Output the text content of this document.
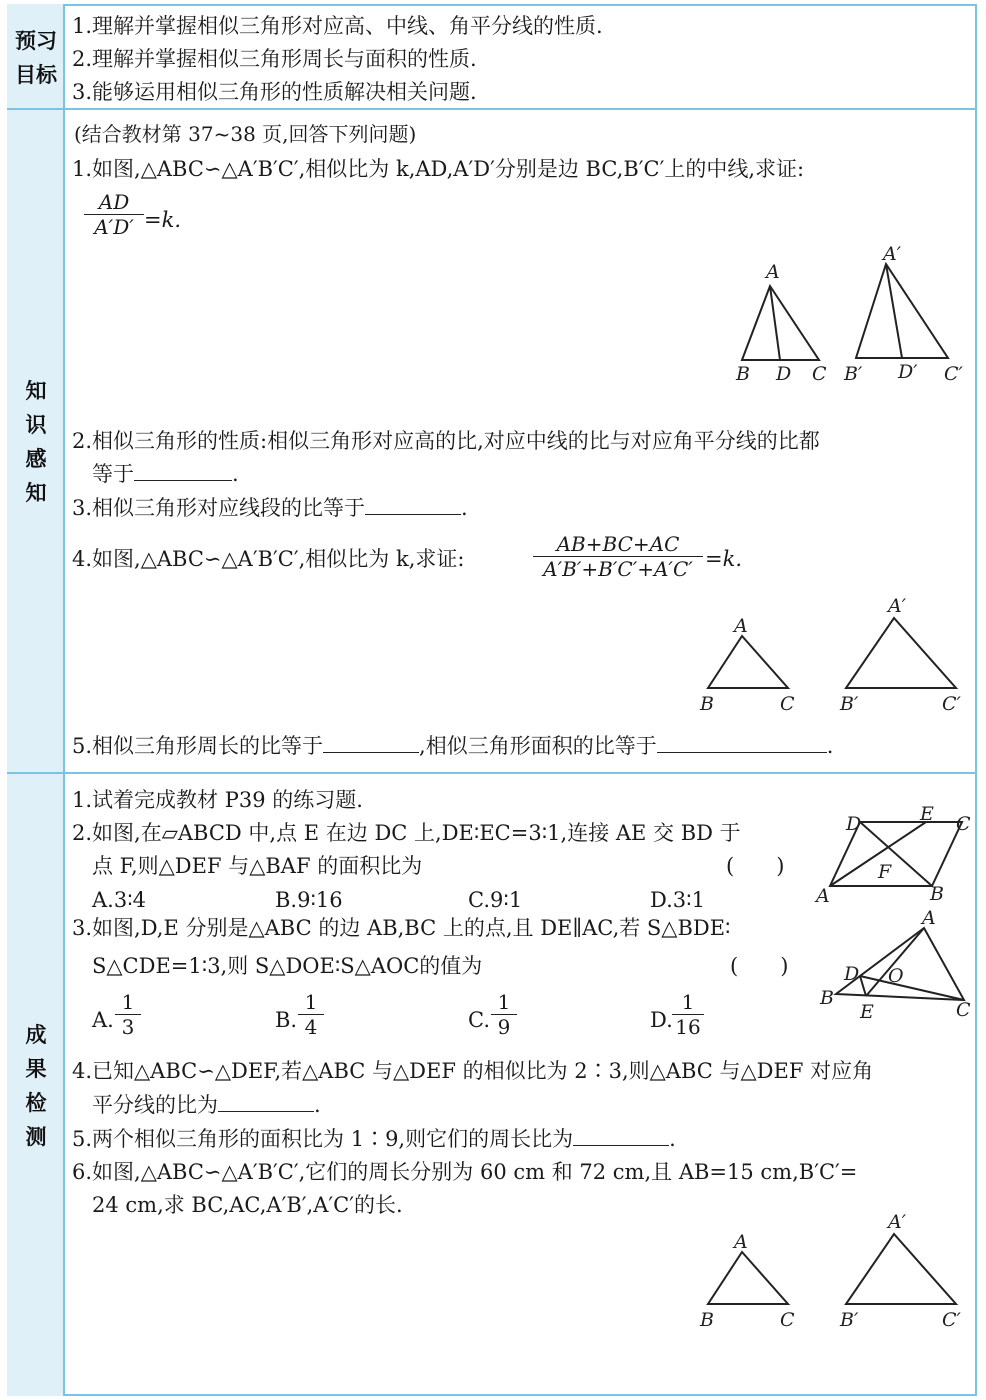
预习
目标
知
识
感
知
成
果
检
测
1.理解并掌握相似三角形对应高、中线、角平分线的性质.
2.理解并掌握相似三角形周长与面积的性质.
3.能够运用相似三角形的性质解决相关问题.
(结合教材第 37~38 页,回答下列问题)
1.如图,△ABC∽△A′B′C′,相似比为 k,AD,A′D′分别是边 BC,B′C′上的中线,求证:
$\frac{AD}{A'D'} =k$.
A
B D C
A′
B′ D′ C′
2.相似三角形的性质:相似三角形对应高的比,对应中线的比与对应角平分线的比都
等于	.
3.相似三角形对应线段的比等于	.
4.如图,△ABC∽△A′B′C′,相似比为 k,求证:	$\frac{AB+BC+AC}{A'B'+B'C'+A'C'} =k$.
A
B	C
A′
B′	C′
5.相似三角形周长的比等于	,相似三角形面积的比等于	.
1.试着完成教材 P39 的练习题.
2.如图,在▱ABCD 中,点 E 在边 DC 上,DE∶EC=3∶1,连接 AE 交 BD 于
点 F,则△DEF 与△BAF 的面积比为	(　　)
A.3∶4	B.9∶16	C.9∶1	D.3∶1
D	E C
A	B
F
3.如图,D,E 分别是△ABC 的边 AB,BC 上的点,且 DE∥AC,若 S△BDE∶
S△CDE=1∶3,则 S△DOE∶S△AOC的值为	(　　)
A. $\frac{1}{3}$	B. $\frac{1}{4}$	C. $\frac{1}{9}$	D. $\frac{1}{16}$
A
D O
B
E	C
4.已知△ABC∽△DEF,若△ABC 与△DEF 的相似比为 2∶3,则△ABC 与△DEF 对应角
平分线的比为	.
5.两个相似三角形的面积比为 1∶9,则它们的周长比为	.
6.如图,△ABC∽△A′B′C′,它们的周长分别为 60 cm 和 72 cm,且 AB=15 cm,B′C′=
24 cm,求 BC,AC,A′B′,A′C′的长.
A
B	C
A′
B′	C′
